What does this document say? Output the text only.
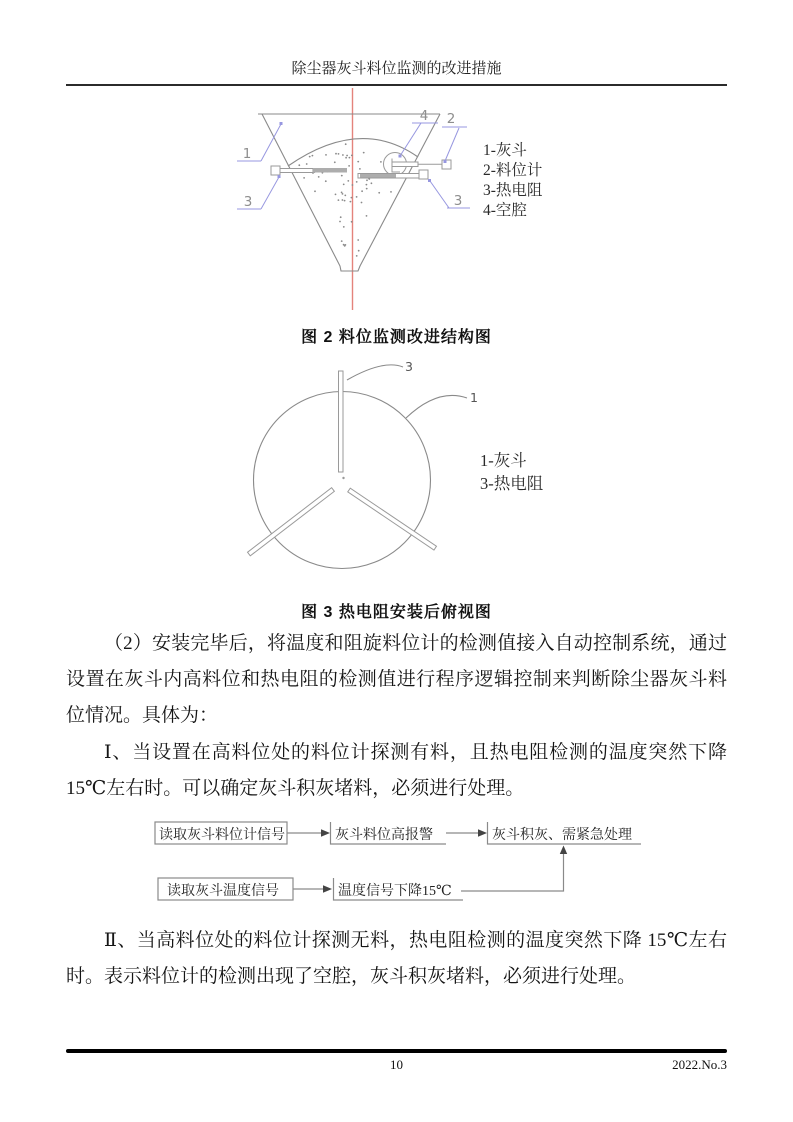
除尘器灰斗料位监测的改进措施
1
3
4 2
3
1-灰斗
2-料位计
3-热电阻
4-空腔
图 2 料位监测改进结构图
3
1
1-灰斗
3-热电阻
图 3 热电阻安装后俯视图
（2）安装完毕后，将温度和阻旋料位计的检测值接入自动控制系统，通过设置在灰斗内高料位和热电阻的检测值进行程序逻辑控制来判断除尘器灰斗料位情况。具体为：
Ⅰ、当设置在高料位处的料位计探测有料，且热电阻检测的温度突然下降 15℃左右时。可以确定灰斗积灰堵料，必须进行处理。
Ⅱ、当高料位处的料位计探测无料，热电阻检测的温度突然下降 15℃左右时。表示料位计的检测出现了空腔，灰斗积灰堵料，必须进行处理。
读取灰斗料位计信号	灰斗料位高报警	灰斗积灰、需紧急处理
读取灰斗温度信号	温度信号下降15℃
10	2022.No.3
